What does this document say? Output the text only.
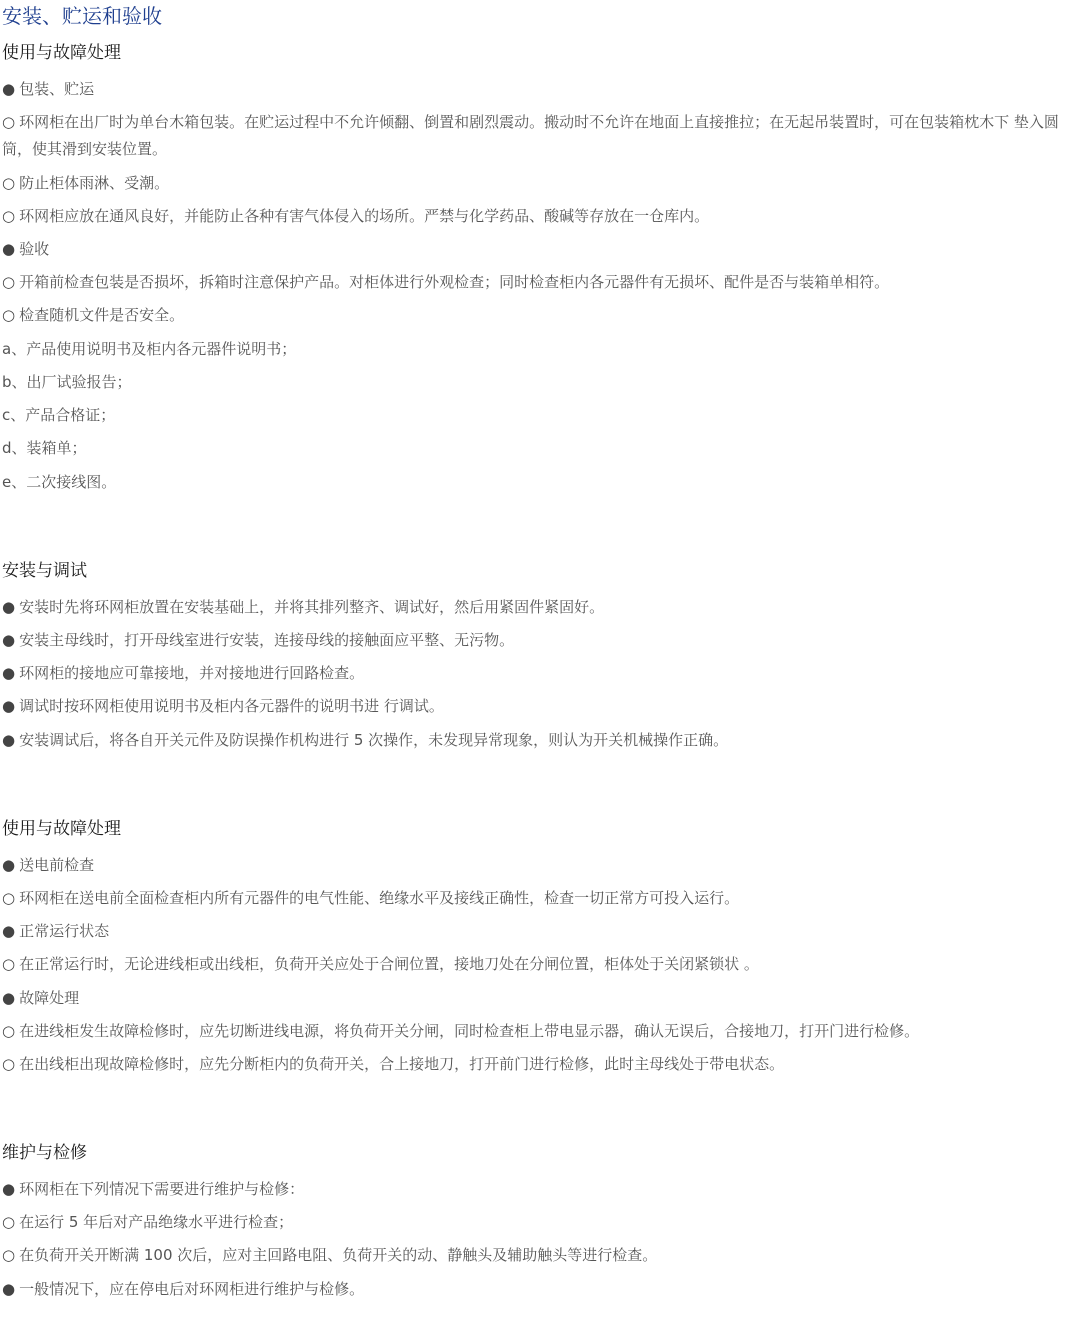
安装、贮运和验收
使用与故障处理
● 包装、贮运
○ 环网柜在出厂时为单台木箱包装。在贮运过程中不允许倾翻、倒置和剧烈震动。搬动时不允许在地面上直接推拉；在无起吊装置时，可在包装箱枕木下 垫入圆筒，使其滑到安装位置。
○ 防止柜体雨淋、受潮。
○ 环网柜应放在通风良好，并能防止各种有害气体侵入的场所。严禁与化学药品、酸碱等存放在一仓库内。
● 验收
○ 开箱前检查包装是否损坏，拆箱时注意保护产品。对柜体进行外观检查；同时检查柜内各元器件有无损坏、配件是否与装箱单相符。
○ 检查随机文件是否安全。
a、产品使用说明书及柜内各元器件说明书；
b、出厂试验报告；
c、产品合格证；
d、装箱单；
e、二次接线图。
安装与调试
● 安装时先将环网柜放置在安装基础上，并将其排列整齐、调试好，然后用紧固件紧固好。
● 安装主母线时，打开母线室进行安装，连接母线的接触面应平整、无污物。
● 环网柜的接地应可靠接地，并对接地进行回路检查。
● 调试时按环网柜使用说明书及柜内各元器件的说明书进 行调试。
● 安装调试后，将各自开关元件及防误操作机构进行 5 次操作，未发现异常现象，则认为开关机械操作正确。
使用与故障处理
● 送电前检查
○ 环网柜在送电前全面检查柜内所有元器件的电气性能、绝缘水平及接线正确性，检查一切正常方可投入运行。
● 正常运行状态
○ 在正常运行时，无论进线柜或出线柜，负荷开关应处于合闸位置，接地刀处在分闸位置，柜体处于关闭紧锁状 。
● 故障处理
○ 在进线柜发生故障检修时，应先切断进线电源，将负荷开关分闸，同时检查柜上带电显示器，确认无误后，合接地刀，打开门进行检修。
○ 在出线柜出现故障检修时，应先分断柜内的负荷开关，合上接地刀，打开前门进行检修，此时主母线处于带电状态。
维护与检修
● 环网柜在下列情况下需要进行维护与检修：
○ 在运行 5 年后对产品绝缘水平进行检查；
○ 在负荷开关开断满 100 次后，应对主回路电阻、负荷开关的动、静触头及辅助触头等进行检查。
● 一般情况下，应在停电后对环网柜进行维护与检修。
